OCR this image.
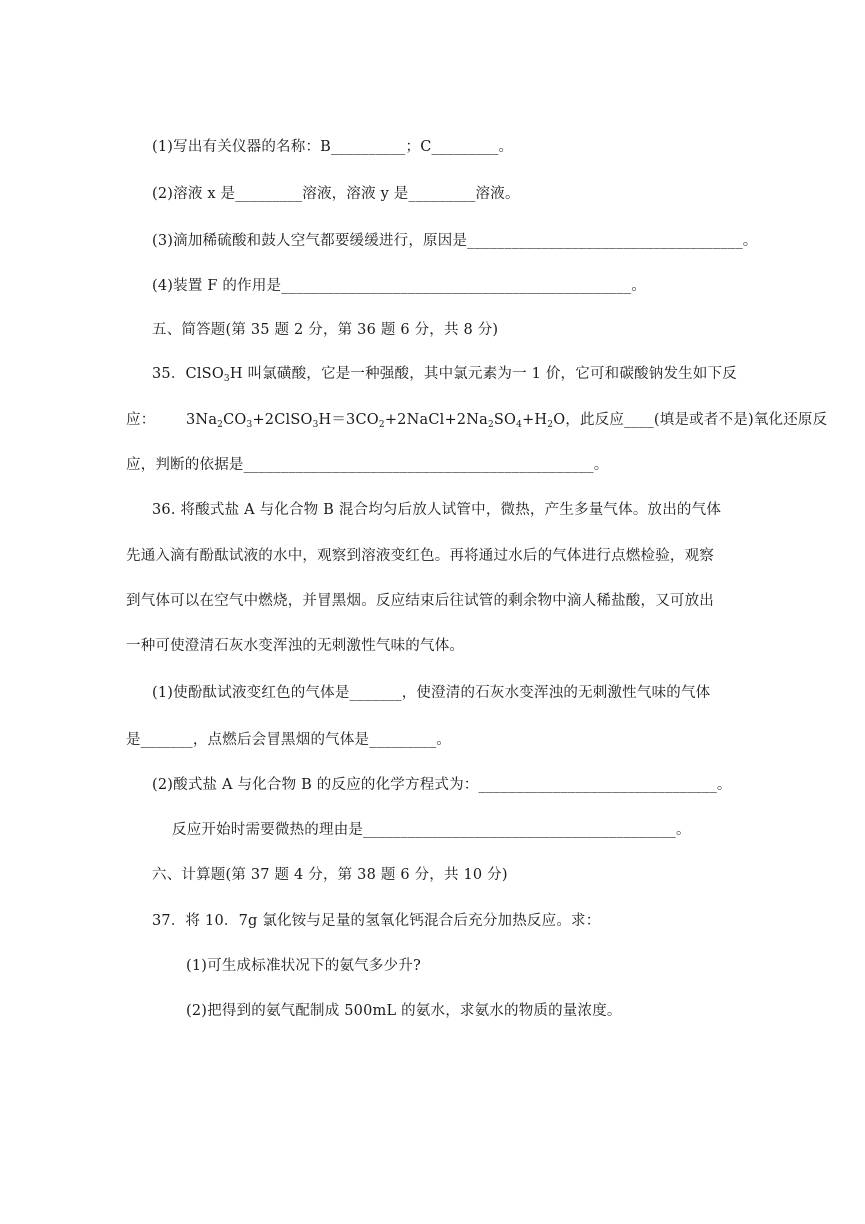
(1)写出有关仪器的名称：B__________；C_________。
(2)溶液 x 是_________溶液，溶液 y 是_________溶液。
(3)滴加稀硫酸和鼓人空气都要缓缓进行，原因是_____________________________________。
(4)装置 F 的作用是_______________________________________________。
五、简答题(第 35 题 2 分，第 36 题 6 分，共 8 分)
35．ClSO$_3$H 叫氯磺酸，它是一种强酸，其中氯元素为一 1 价，它可和碳酸钠发生如下反
应： $3Na_2CO_3+2ClSO_3H=3CO_2+2NaCl+2Na_2SO_4+H_2O$，此反应____(填是或者不是)氧化还原反
应，判断的依据是_______________________________________________。
36. 将酸式盐 A 与化合物 B 混合均匀后放人试管中，微热，产生多量气体。放出的气体
先通入滴有酚酞试液的水中，观察到溶液变红色。再将通过水后的气体进行点燃检验，观察
到气体可以在空气中燃烧，并冒黑烟。反应结束后往试管的剩余物中滴人稀盐酸，又可放出
一种可使澄清石灰水变浑浊的无刺激性气味的气体。
(1)使酚酞试液变红色的气体是_______，使澄清的石灰水变浑浊的无刺激性气味的气体
是_______，点燃后会冒黑烟的气体是_________。
(2)酸式盐 A 与化合物 B 的反应的化学方程式为：________________________________。
反应开始时需要微热的理由是__________________________________________。
六、计算题(第 37 题 4 分，第 38 题 6 分，共 10 分)
37．将 10．7g 氯化铵与足量的氢氧化钙混合后充分加热反应。求：
(1)可生成标准状况下的氨气多少升?
(2)把得到的氨气配制成 500mL 的氨水，求氨水的物质的量浓度。
